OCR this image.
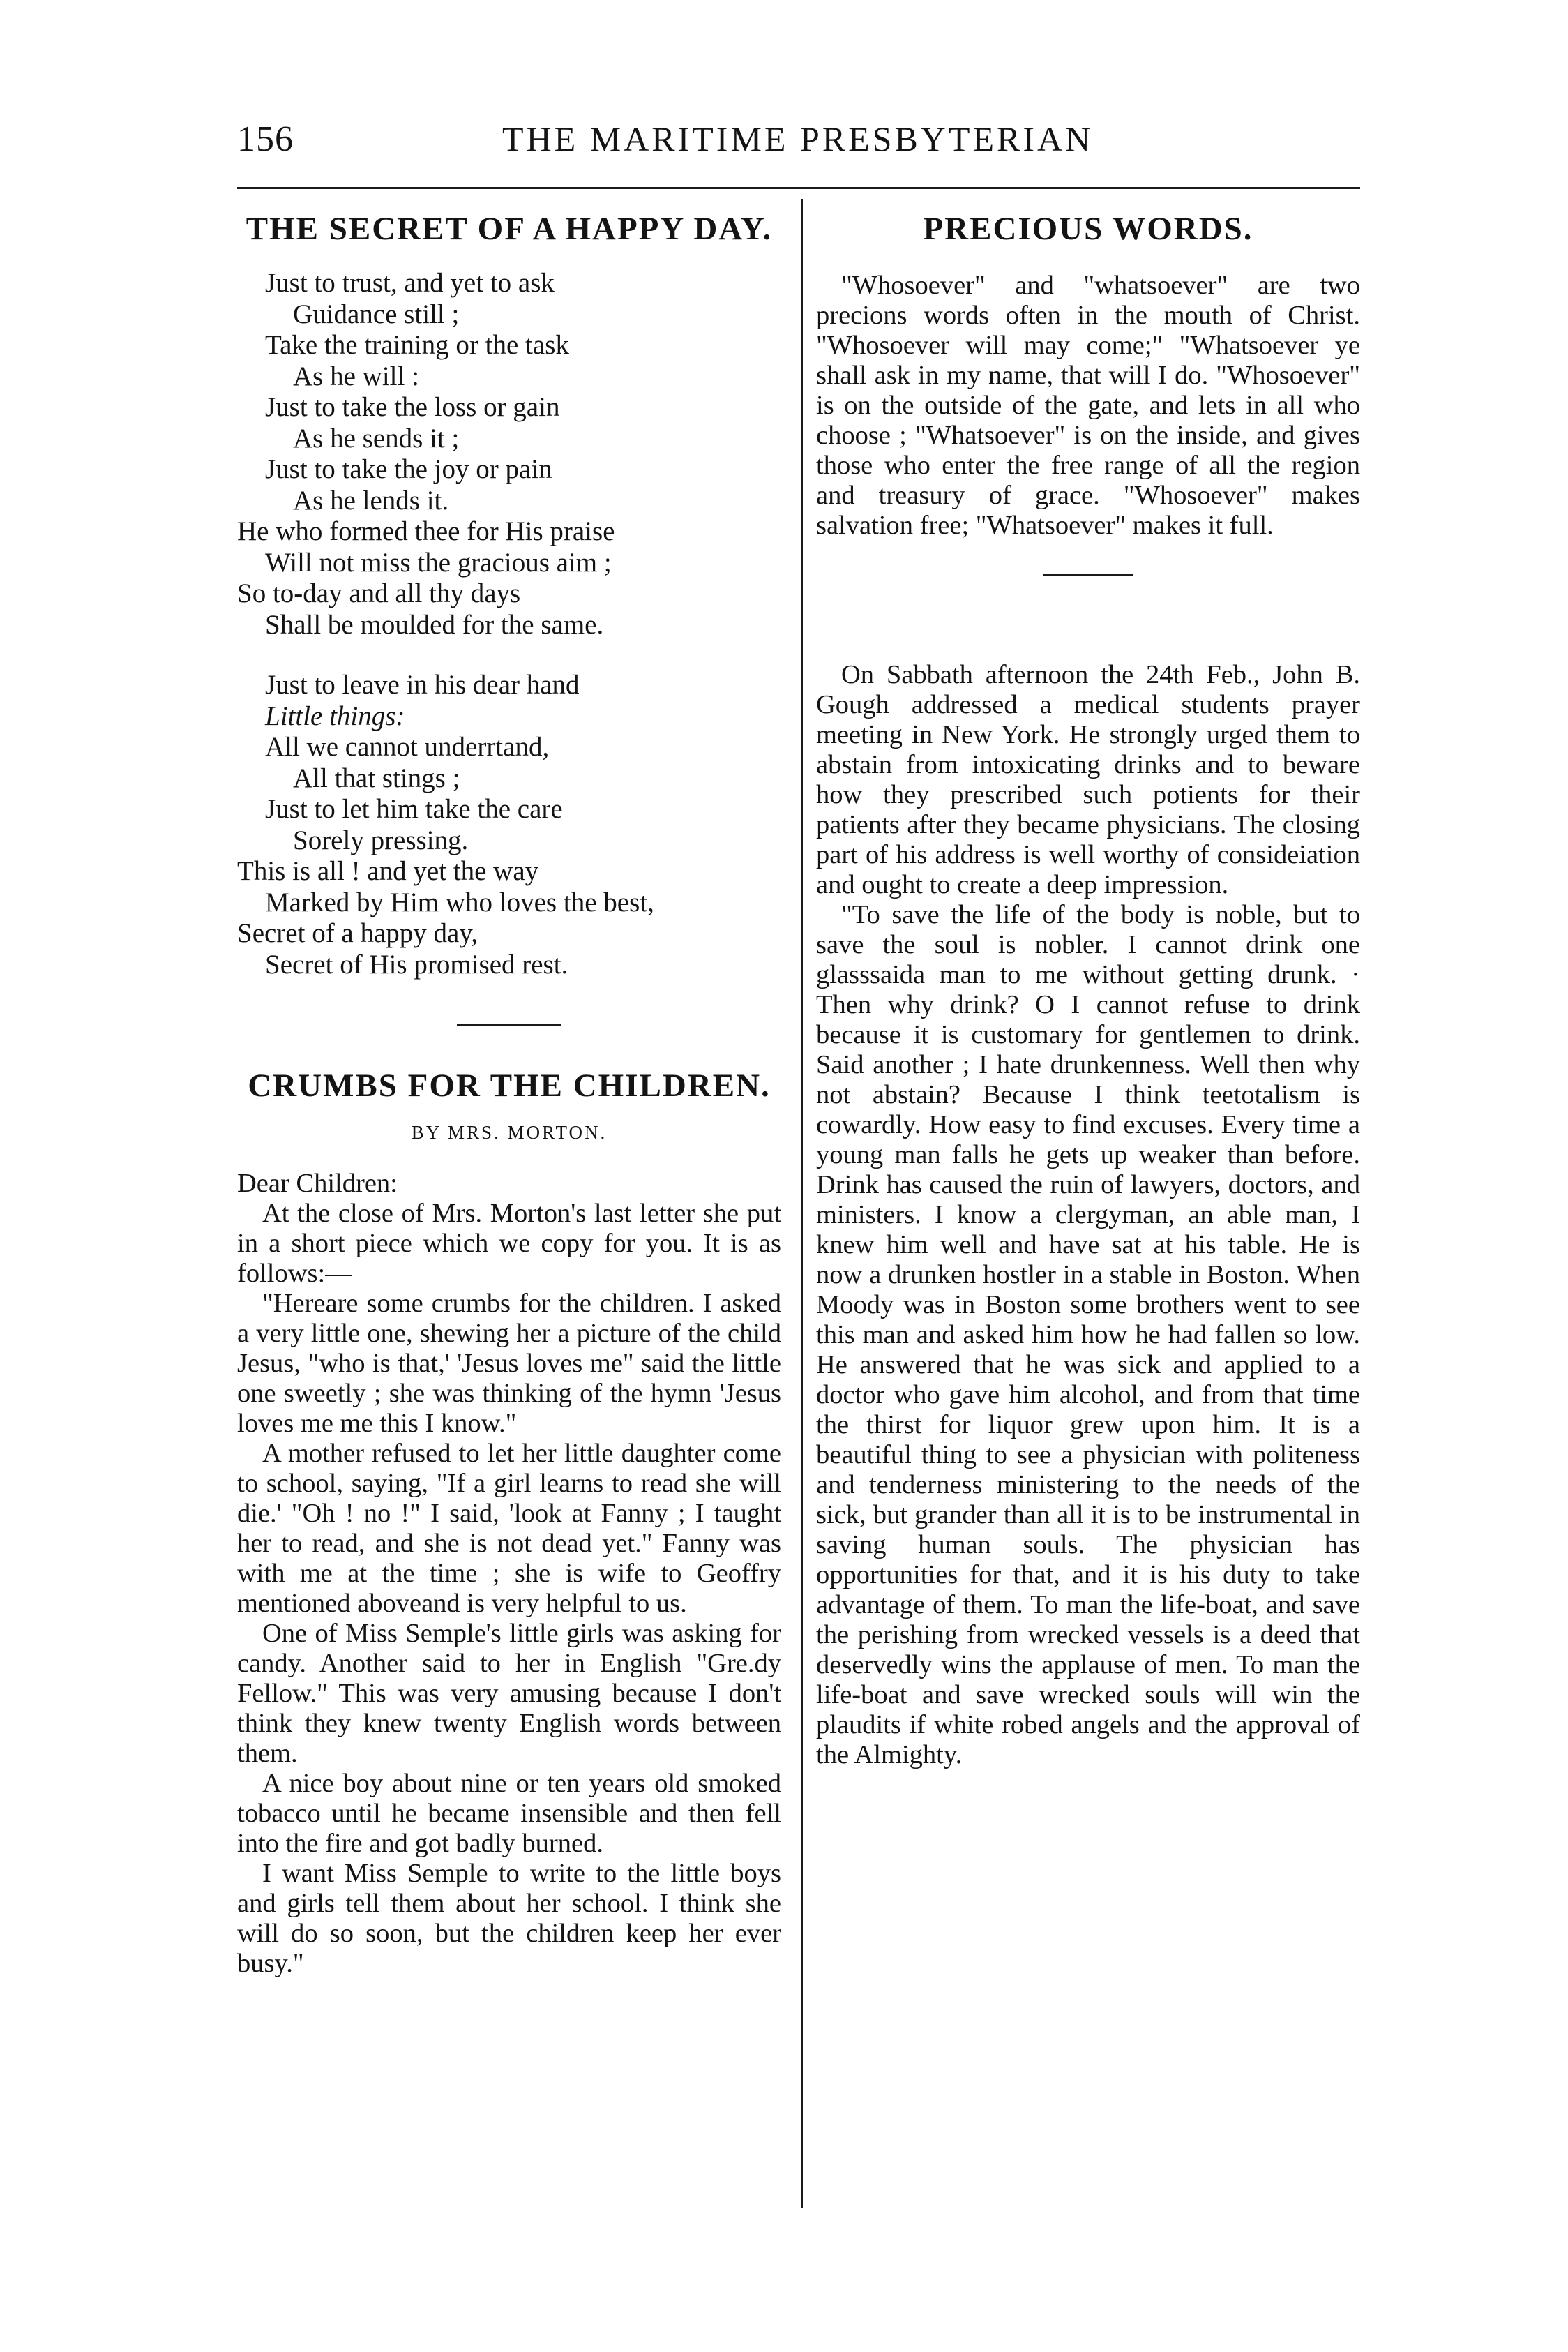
156	THE MARITIME PRESBYTERIAN
THE SECRET OF A HAPPY DAY.

Just to trust, and yet to ask

Guidance still ;

Take the training or the task

As he will :

Just to take the loss or gain

As he sends it ;

Just to take the joy or pain

As he lends it.

He who formed thee for His praise

Will not miss the gracious aim ;

So to-day and all thy days

Shall be moulded for the same.

Just to leave in his dear hand

Little things:

All we cannot underrtand,

All that stings ;

Just to let him take the care

Sorely pressing.

This is all ! and yet the way

Marked by Him who loves the best,

Secret of a happy day,

Secret of His promised rest.

CRUMBS FOR THE CHILDREN.
BY MRS. MORTON.

Dear Children:

At the close of Mrs. Morton's last letter she put in a short piece which we copy for you. It is as follows:—

"Hereare some crumbs for the children. I asked a very little one, shewing her a picture of the child Jesus, "who is that,' 'Jesus loves me" said the little one sweetly ; she was thinking of the hymn 'Jesus loves me me this I know."

A mother refused to let her little daughter come to school, saying, "If a girl learns to read she will die.' "Oh ! no !" I said, 'look at Fanny ; I taught her to read, and she is not dead yet." Fanny was with me at the time ; she is wife to Geoffry mentioned aboveand is very helpful to us.

One of Miss Semple's little girls was asking for candy. Another said to her in English "Gre.dy Fellow." This was very amusing because I don't think they knew twenty English words between them.

A nice boy about nine or ten years old smoked tobacco until he became insensible and then fell into the fire and got badly burned.

I want Miss Semple to write to the little boys and girls tell them about her school. I think she will do so soon, but the children keep her ever busy."

PRECIOUS WORDS.

"Whosoever" and "whatsoever" are two precions words often in the mouth of Christ. "Whosoever will may come;" "Whatsoever ye shall ask in my name, that will I do. "Whosoever" is on the outside of the gate, and lets in all who choose ; "Whatsoever" is on the inside, and gives those who enter the free range of all the region and treasury of grace. "Whosoever" makes salvation free; "Whatsoever" makes it full.

On Sabbath afternoon the 24th Feb., John B. Gough addressed a medical students prayer meeting in New York. He strongly urged them to abstain from intoxicating drinks and to beware how they prescribed such potients for their patients after they became physicians. The closing part of his address is well worthy of consideiation and ought to create a deep impression.

"To save the life of the body is noble, but to save the soul is nobler. I cannot drink one glasssaida man to me without getting drunk. · Then why drink? O I cannot refuse to drink because it is customary for gentlemen to drink. Said another ; I hate drunkenness. Well then why not abstain? Because I think teetotalism is cowardly. How easy to find excuses. Every time a young man falls he gets up weaker than before. Drink has caused the ruin of lawyers, doctors, and ministers. I know a clergyman, an able man, I knew him well and have sat at his table. He is now a drunken hostler in a stable in Boston. When Moody was in Boston some brothers went to see this man and asked him how he had fallen so low. He answered that he was sick and applied to a doctor who gave him alcohol, and from that time the thirst for liquor grew upon him. It is a beautiful thing to see a physician with politeness and tenderness ministering to the needs of the sick, but grander than all it is to be instrumental in saving human souls. The physician has opportunities for that, and it is his duty to take advantage of them. To man the life-boat, and save the perishing from wrecked vessels is a deed that deservedly wins the applause of men. To man the life-boat and save wrecked souls will win the plaudits if white robed angels and the approval of the Almighty.
